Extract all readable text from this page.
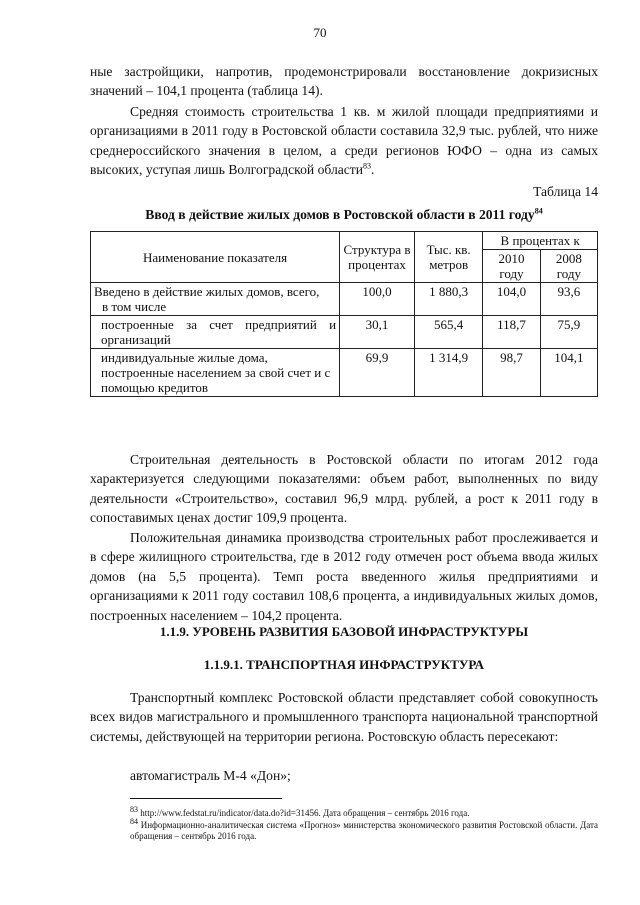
70

ные застройщики, напротив, продемонстрировали восстановление докризисных значений – 104,1 процента (таблица 14).

Средняя стоимость строительства 1 кв. м жилой площади предприятиями и организациями в 2011 году в Ростовской области составила 32,9 тыс. рублей, что ниже среднероссийского значения в целом, а среди регионов ЮФО – одна из самых высоких, уступая лишь Волгоградской области$^{83}$.

Таблица 14
Ввод в действие жилых домов в Ростовской области в 2011 году$^{84}$
Наименование показателя	Структура в процентах	Тыс. кв. метров	В процентах к	
			2010 году	2008 году
Введено в действие жилых домов, всего,
в том числе	100,0	1 880,3	104,0	93,6
построенные за счет предприятий и организаций	30,1	565,4	118,7	75,9
индивидуальные жилые дома, построенные населением за свой счет и с помощью кредитов	69,9	1 314,9	98,7	104,1

Строительная деятельность в Ростовской области по итогам 2012 года характеризуется следующими показателями: объем работ, выполненных по виду деятельности «Строительство», составил 96,9 млрд. рублей, а рост к 2011 году в сопоставимых ценах достиг 109,9 процента.

Положительная динамика производства строительных работ прослеживается и в сфере жилищного строительства, где в 2012 году отмечен рост объема ввода жилых домов (на 5,5 процента). Темп роста введенного жилья предприятиями и организациями к 2011 году составил 108,6 процента, а индивидуальных жилых домов, построенных населением – 104,2 процента.

1.1.9. УРОВЕНЬ РАЗВИТИЯ БАЗОВОЙ ИНФРАСТРУКТУРЫ
1.1.9.1. ТРАНСПОРТНАЯ ИНФРАСТРУКТУРА

Транспортный комплекс Ростовской области представляет собой совокупность всех видов магистрального и промышленного транспорта национальной транспортной системы, действующей на территории региона. Ростовскую область пересекают:

автомагистраль М-4 «Дон»;

$^{83}$ http://www.fedstat.ru/indicator/data.do?id=31456. Дата обращения – сентябрь 2016 года.
$^{84}$ Информационно-аналитическая система «Прогноз» министерства экономического развития Ростовской области. Дата обращения – сентябрь 2016 года.
